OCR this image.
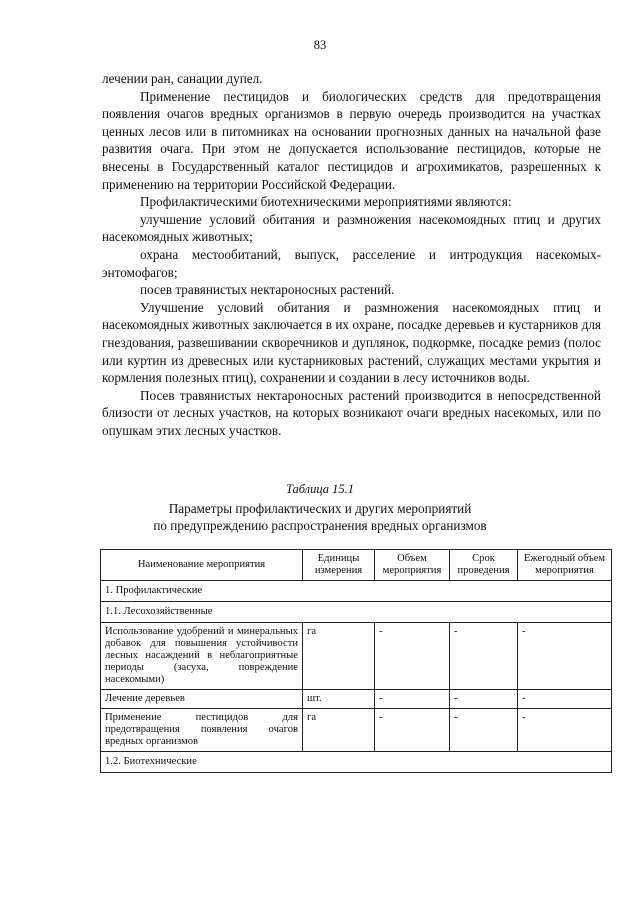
83

лечении ран, санации дупел.

Применение пестицидов и биологических средств для предотвращения появления очагов вредных организмов в первую очередь производится на участках ценных лесов или в питомниках на основании прогнозных данных на начальной фазе развития очага. При этом не допускается использование пестицидов, которые не внесены в Государственный каталог пестицидов и агрохимикатов, разрешенных к применению на территории Российской Федерации.

Профилактическими биотехническими мероприятиями являются:

улучшение условий обитания и размножения насекомоядных птиц и других насекомоядных животных;

охрана местообитаний, выпуск, расселение и интродукция насекомых-энтомофагов;

посев травянистых нектароносных растений.

Улучшение условий обитания и размножения насекомоядных птиц и насекомоядных животных заключается в их охране, посадке деревьев и кустарников для гнездования, развешивании скворечников и дуплянок, подкормке, посадке ремиз (полос или куртин из древесных или кустарниковых растений, служащих местами укрытия и кормления полезных птиц), сохранении и создании в лесу источников воды.

Посев травянистых нектароносных растений производится в непосредственной близости от лесных участков, на которых возникают очаги вредных насекомых, или по опушкам этих лесных участков.

Таблица 15.1
Параметры профилактических и других мероприятий
по предупреждению распространения вредных организмов
Наименование мероприятия	Единицы измерения	Объем мероприятия	Срок проведения	Ежегодный объем мероприятия
1. Профилактические				
1.1. Лесохозяйственные				
Использование удобрений и минеральных добавок для повышения устойчивости лесных насаждений в неблагоприятные периоды (засуха, повреждение насекомыми)	га	-	-	-
Лечение деревьев	шт.	-	-	-
Применение пестицидов для предотвращения появления очагов вредных организмов	га	-	-	-
1.2. Биотехнические				
